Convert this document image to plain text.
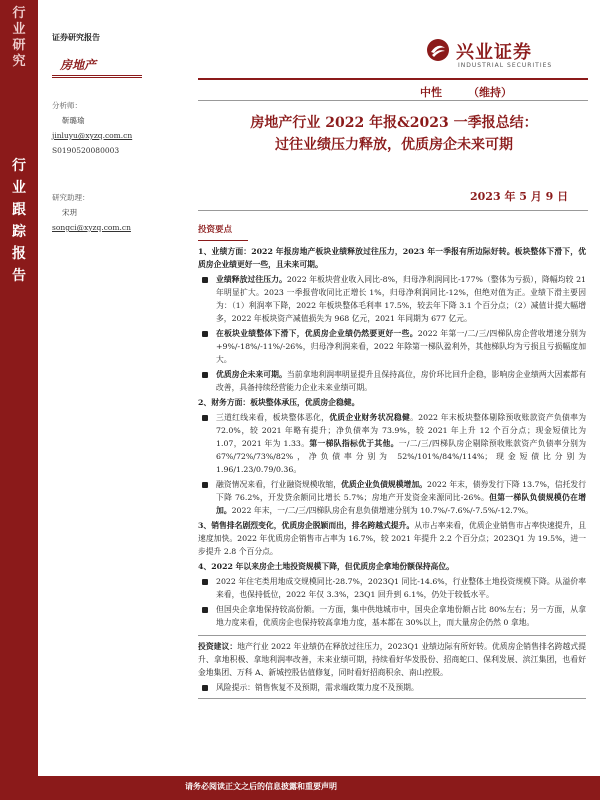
行业研究
行业跟踪报告
证券研究报告
房地产
兴业证券
INDUSTRIAL SECURITIES
中性 （维持）
房地产行业 2022 年报&2023 一季报总结：
过往业绩压力释放，优质房企未来可期
分析师：
靳璐瑜
jinluyu@xyzq.com.cn
S0190520080003
研究助理：
宋玥
songci@xyzq.com.cn
2023 年 5 月 9 日
投资要点

1、业绩方面：2022 年报房地产板块业绩释放过往压力，2023 年一季报有所边际好转。板块整体下滑下，优质房企业绩更好一些，且未来可期。

业绩释放过往压力。2022 年板块营业收入同比-8%，归母净利润同比-177%（整体为亏损），降幅均较 21 年明显扩大。2023 一季报营收同比正增长 1%，归母净利润同比-12%，但绝对值为正。业绩下滑主要因为：（1）利润率下降，2022 年板块整体毛利率 17.5%，较去年下降 3.1 个百分点；（2）减值计提大幅增多，2022 年板块资产减值损失为 968 亿元，2021 年同期为 677 亿元。
在板块业绩整体下滑下，优质房企业绩仍然要更好一些。2022 年第一/二/三/四梯队房企营收增速分别为+9%/-18%/-11%/-26%，归母净利润来看，2022 年除第一梯队盈利外，其他梯队均为亏损且亏损幅度加大。
优质房企未来可期。当前拿地利润率明显提升且保持高位，房价环比回升企稳，影响房企业绩两大因素都有改善，具备持续经营能力企业未来业绩可期。

2、财务方面：板块整体承压，优质房企稳健。

三道红线来看，板块整体恶化，优质企业财务状况稳健。2022 年末板块整体剔除预收账款资产负债率为 72.0%，较 2021 年略有提升；净负债率为 73.9%，较 2021 年上升 12 个百分点；现金短债比为 1.07，2021 年为 1.33。第一梯队指标优于其他。一/二/三/四梯队房企剔除预收账款资产负债率分别为 67%/72%/73%/82%，净负债率分别为 52%/101%/84%/114%；现金短债比分别为 1.96/1.23/0.79/0.36。
融资情况来看，行业融资规模收缩，优质企业负债规模增加。2022 年末，债券发行下降 13.7%，信托发行下降 76.2%，开发贷余额同比增长 5.7%；房地产开发资金来源同比-26%。但第一梯队负债规模仍在增加。2022 年末，一/二/三/四梯队房企有息负债增速分别为 10.7%/-7.6%/-7.5%/-12.7%。

3、销售排名剧烈变化，优质房企脱颖而出，排名跨越式提升。从市占率来看，优质企业销售市占率快速提升，且速度加快。2022 年优质房企销售市占率为 16.7%，较 2021 年提升 2.2 个百分点；2023Q1 为 19.5%，进一步提升 2.8 个百分点。

4、2022 年以来房企土地投资规模下降，但优质房企拿地份额保持高位。

2022 年住宅类用地成交规模同比-28.7%，2023Q1 同比-14.6%，行业整体土地投资规模下降。从溢价率来看，也保持低位，2022 年仅 3.3%，23Q1 回升到 6.1%，仍处于较低水平。
但国央企拿地保持较高份额。一方面，集中供地城市中，国央企拿地份额占比 80%左右；另一方面，从拿地力度来看，优质房企也保持较高拿地力度，基本都在 30%以上，而大量房企仍然 0 拿地。

投资建议：地产行业 2022 年业绩仍在释放过往压力，2023Q1 业绩边际有所好转。优质房企销售排名跨越式提升、拿地积极、拿地利润率改善，未来业绩可期，持续看好华发股份、招商蛇口、保利发展、滨江集团，也看好金地集团、万科 A、新城控股估值修复，同时看好招商积余、南山控股。

风险提示：销售恢复不及预期，需求端政策力度不及预期。
请务必阅读正文之后的信息披露和重要声明
